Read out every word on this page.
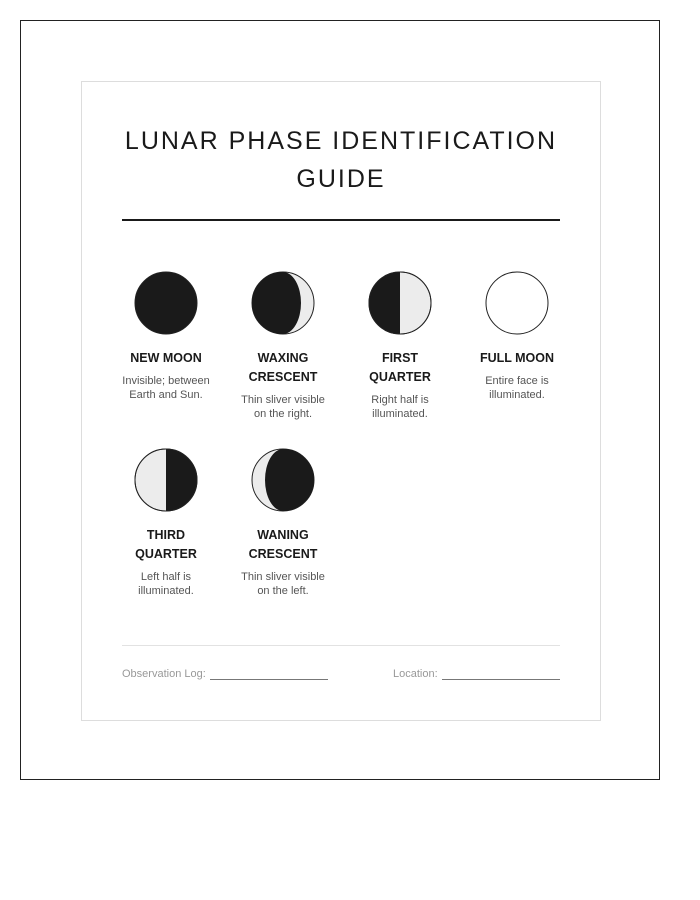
LUNAR PHASE IDENTIFICATION
GUIDE
NEW MOON
Invisible; between Earth and Sun.
WAXING
CRESCENT
Thin sliver visible on the right.
FIRST
QUARTER
Right half is illuminated.
FULL MOON
Entire face is illuminated.
THIRD
QUARTER
Left half is illuminated.
WANING
CRESCENT
Thin sliver visible on the left.
Observation Log:	Location:
